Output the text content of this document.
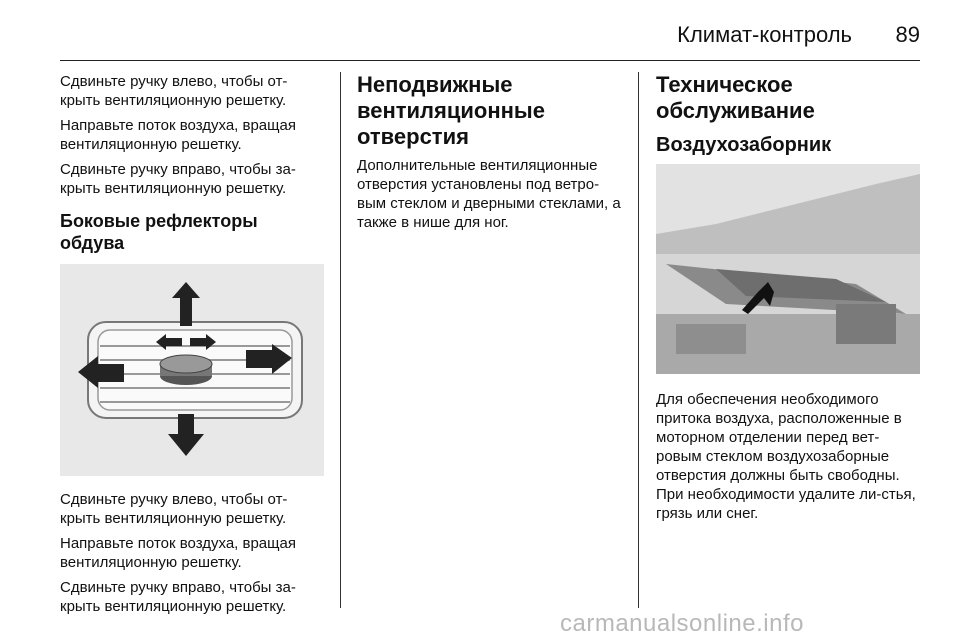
Климат-контроль 89

Сдвиньте ручку влево, чтобы от-крыть вентиляционную решетку.

Направьте поток воздуха, вращая вентиляционную решетку.

Сдвиньте ручку вправо, чтобы за-крыть вентиляционную решетку.

Боковые рефлекторы обдува

Сдвиньте ручку влево, чтобы от-крыть вентиляционную решетку.

Направьте поток воздуха, вращая вентиляционную решетку.

Сдвиньте ручку вправо, чтобы за-крыть вентиляционную решетку.

Неподвижные вентиляционные отверстия

Дополнительные вентиляционные отверстия установлены под ветро-вым стеклом и дверными стеклами, а также в нише для ног.

Техническое обслуживание
Воздухозаборник

Для обеспечения необходимого притока воздуха, расположенные в моторном отделении перед вет-ровым стеклом воздухозаборные отверстия должны быть свободны. При необходимости удалите ли-стья, грязь или снег.

carmanualsonline.info
